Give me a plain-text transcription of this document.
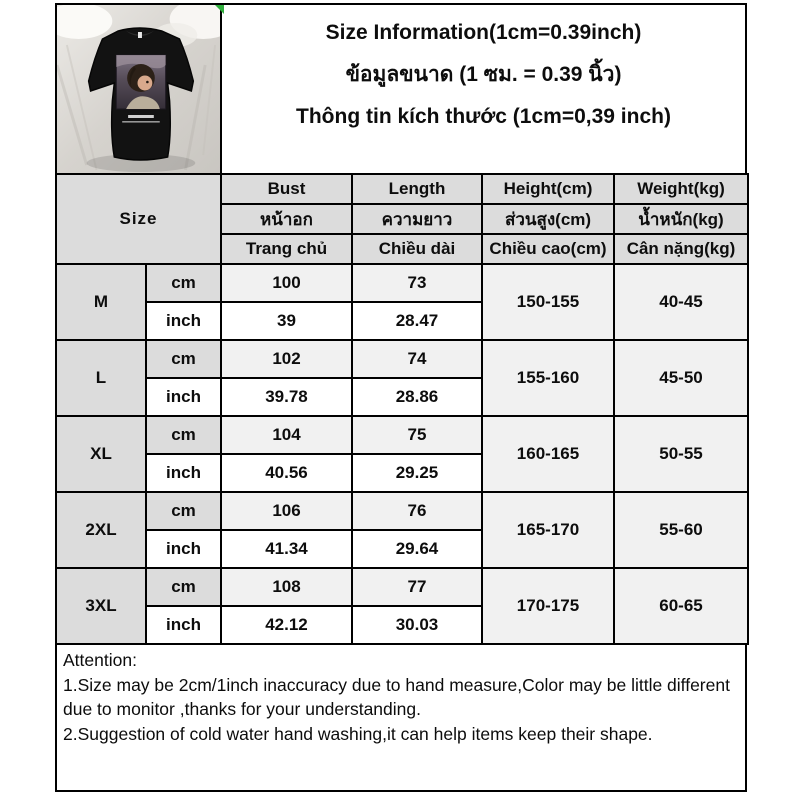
Size Information(1cm=0.39inch)
ข้อมูลขนาด (1 ซม. = 0.39 นิ้ว)
Thông tin kích thước (1cm=0,39 inch)
Size		Bust	Length	Height(cm)	Weight(kg)
		หน้าอก	ความยาว	ส่วนสูง(cm)	น้ำหนัก(kg)
		Trang chủ	Chiều dài	Chiều cao(cm)	Cân nặng(kg)
M	cm	100	73	150-155	40-45
	inch	39	28.47		
L	cm	102	74	155-160	45-50
	inch	39.78	28.86		
XL	cm	104	75	160-165	50-55
	inch	40.56	29.25		
2XL	cm	106	76	165-170	55-60
	inch	41.34	29.64		
3XL	cm	108	77	170-175	60-65
	inch	42.12	30.03		
Attention:
1.Size may be 2cm/1inch inaccuracy due to hand measure,Color may be little different due to monitor ,thanks for your understanding.
2.Suggestion of cold water hand washing,it can help items keep their shape.
